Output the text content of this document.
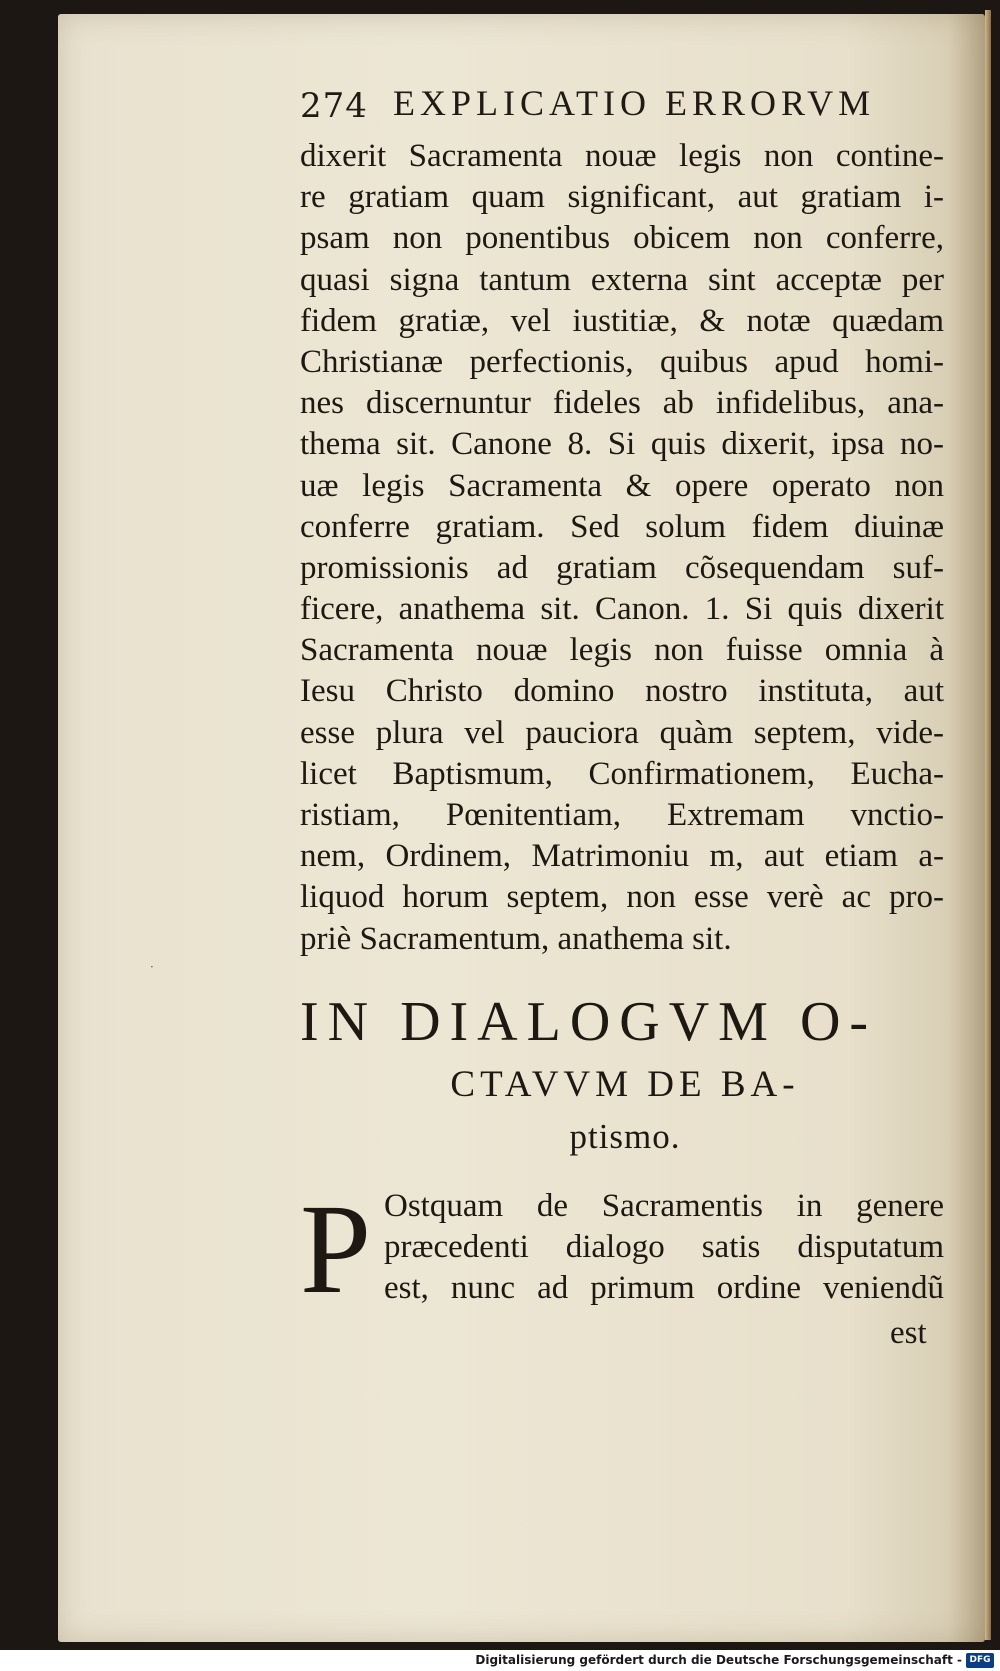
274 EXPLICATIO ERRORVM
dixerit Sacramenta nouæ legis non contine-
re gratiam quam significant, aut gratiam i-
psam non ponentibus obicem non conferre,
quasi signa tantum externa sint acceptæ per
fidem gratiæ, vel iustitiæ, & notæ quædam
Christianæ perfectionis, quibus apud homi-
nes discernuntur fideles ab infidelibus, ana-
thema sit. Canone 8. Si quis dixerit, ipsa no-
uæ legis Sacramenta & opere operato non
conferre gratiam. Sed solum fidem diuinæ
promissionis ad gratiam cõsequendam suf-
ficere, anathema sit. Canon. 1. Si quis dixerit
Sacramenta nouæ legis non fuisse omnia à
Iesu Christo domino nostro instituta, aut
esse plura vel pauciora quàm septem, vide-
licet Baptismum, Confirmationem, Eucha-
ristiam, Pœnitentiam, Extremam vnctio-
nem, Ordinem, Matrimoniu m, aut etiam a-
liquod horum septem, non esse verè ac pro-
priè Sacramentum, anathema sit.
·
IN DIALOGVM O-
CTAVVM DE BA-
ptismo.
P Ostquam de Sacramentis in genere
præcedenti dialogo satis disputatum
est, nunc ad primum ordine veniendũ
est
Digitalisierung gefördert durch die Deutsche Forschungsgemeinschaft - DFG
